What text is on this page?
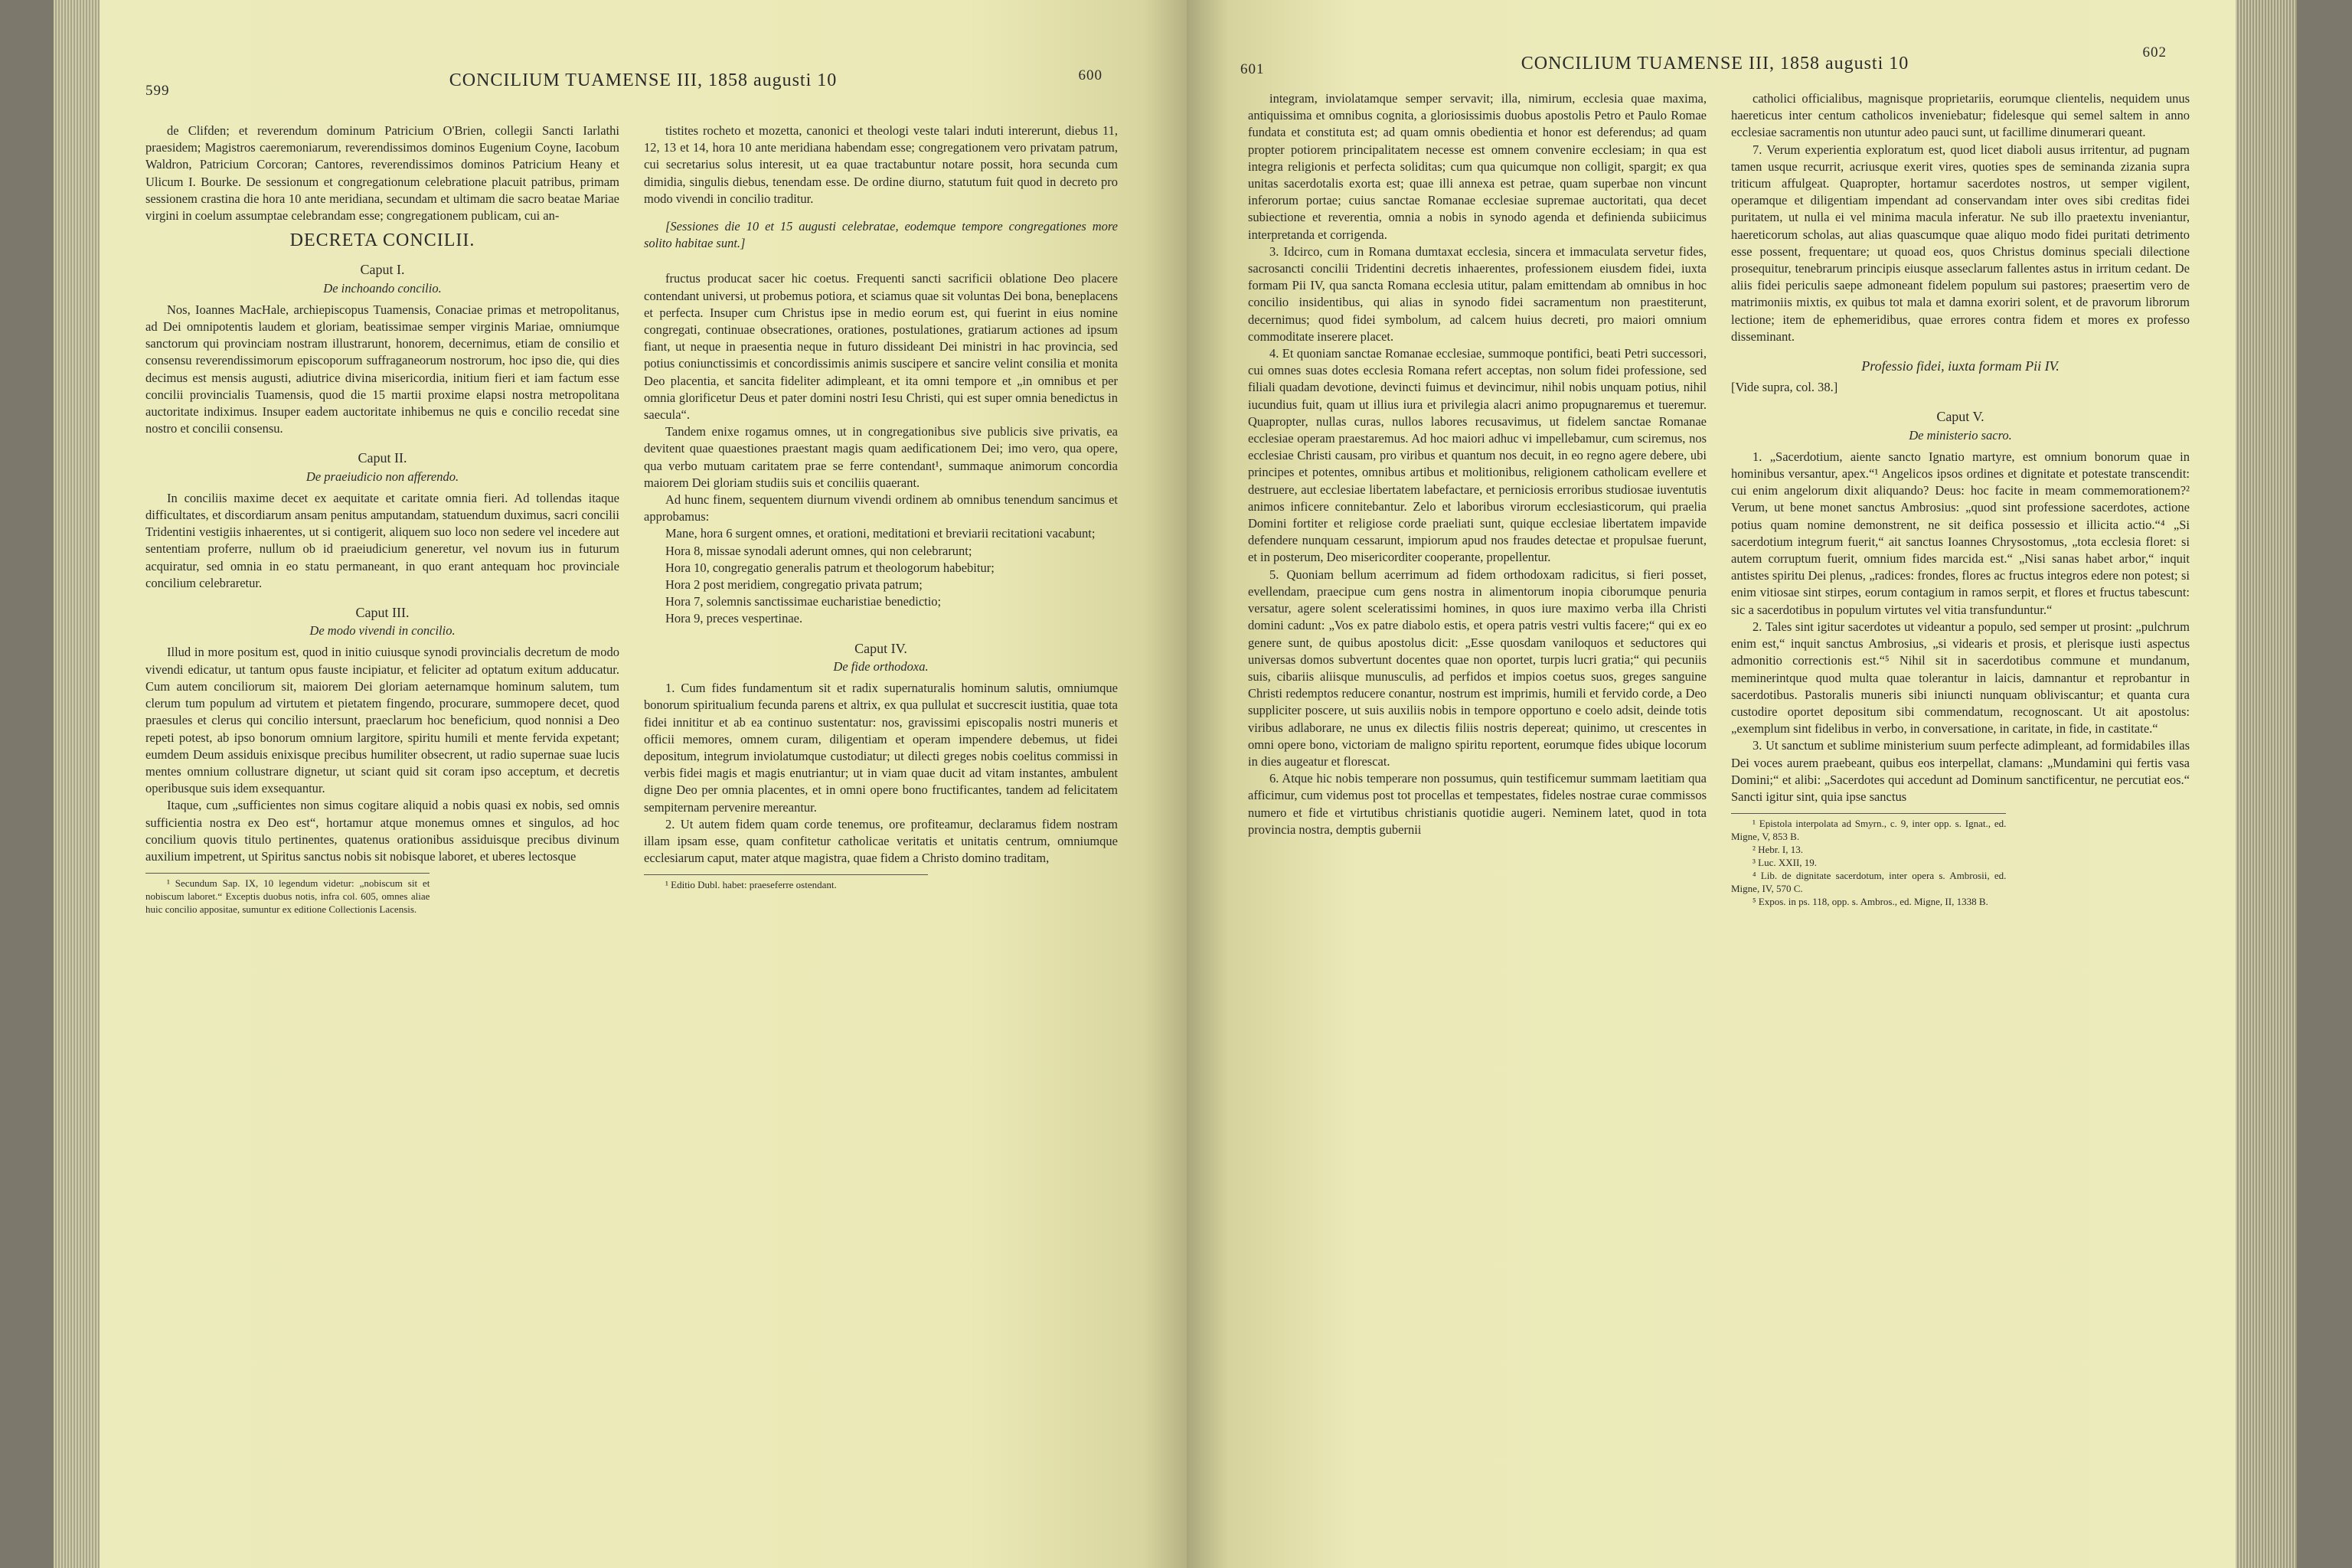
599
CONCILIUM TUAMENSE III, 1858 augusti 10	600

de Clifden; et reverendum dominum Patricium O'Brien, collegii Sancti Iarlathi praesidem; Magistros caeremoniarum, reverendissimos dominos Eugenium Coyne, Iacobum Waldron, Patricium Corcoran; Cantores, reverendissimos dominos Patricium Heany et Ulicum I. Bourke. De sessionum et congregationum celebratione placuit patribus, primam sessionem crastina die hora 10 ante meridiana, secundam et ultimam die sacro beatae Mariae virgini in coelum assumptae celebrandam esse; congregationem publicam, cui an-

DECRETA CONCILII.
Caput I.
De inchoando concilio.

Nos, Ioannes MacHale, archiepiscopus Tuamensis, Conaciae primas et metropolitanus, ad Dei omnipotentis laudem et gloriam, beatissimae semper virginis Mariae, omniumque sanctorum qui provinciam nostram illustrarunt, honorem, decernimus, etiam de consilio et consensu reverendissimorum episcoporum suffraganeorum nostrorum, hoc ipso die, qui dies decimus est mensis augusti, adiutrice divina misericordia, initium fieri et iam factum esse concilii provincialis Tuamensis, quod die 15 martii proxime elapsi nostra metropolitana auctoritate indiximus. Insuper eadem auctoritate inhibemus ne quis e concilio recedat sine nostro et concilii consensu.

Caput II.
De praeiudicio non afferendo.

In conciliis maxime decet ex aequitate et caritate omnia fieri. Ad tollendas itaque difficultates, et discordiarum ansam penitus amputandam, statuendum duximus, sacri concilii Tridentini vestigiis inhaerentes, ut si contigerit, aliquem suo loco non sedere vel incedere aut sententiam proferre, nullum ob id praeiudicium generetur, vel novum ius in futurum acquiratur, sed omnia in eo statu permaneant, in quo erant antequam hoc provinciale concilium celebraretur.

Caput III.
De modo vivendi in concilio.

Illud in more positum est, quod in initio cuiusque synodi provincialis decretum de modo vivendi edicatur, ut tantum opus fauste incipiatur, et feliciter ad optatum exitum adducatur. Cum autem conciliorum sit, maiorem Dei gloriam aeternamque hominum salutem, tum clerum tum populum ad virtutem et pietatem fingendo, procurare, summopere decet, quod praesules et clerus qui concilio intersunt, praeclarum hoc beneficium, quod nonnisi a Deo repeti potest, ab ipso bonorum omnium largitore, spiritu humili et mente fervida expetant; eumdem Deum assiduis enixisque precibus humiliter obsecrent, ut radio supernae suae lucis mentes omnium collustrare dignetur, ut sciant quid sit coram ipso acceptum, et decretis operibusque suis idem exsequantur.

Itaque, cum „sufficientes non simus cogitare aliquid a nobis quasi ex nobis, sed omnis sufficientia nostra ex Deo est“, hortamur atque monemus omnes et singulos, ad hoc concilium quovis titulo pertinentes, quatenus orationibus assiduisque precibus divinum auxilium impetrent, ut Spiritus sanctus nobis sit nobisque laboret, et uberes lectosque

¹ Secundum Sap. IX, 10 legendum videtur: „nobiscum sit et nobiscum laboret.“ Exceptis duobus notis, infra col. 605, omnes aliae huic concilio appositae, sumuntur ex editione Collectionis Lacensis.

tistites rocheto et mozetta, canonici et theologi veste talari induti intererunt, diebus 11, 12, 13 et 14, hora 10 ante meridiana habendam esse; congregationem vero privatam patrum, cui secretarius solus interesit, ut ea quae tractabuntur notare possit, hora secunda cum dimidia, singulis diebus, tenendam esse. De ordine diurno, statutum fuit quod in decreto pro modo vivendi in concilio traditur.

[Sessiones die 10 et 15 augusti celebratae, eodemque tempore congregationes more solito habitae sunt.]

fructus producat sacer hic coetus. Frequenti sancti sacrificii oblatione Deo placere contendant universi, ut probemus potiora, et sciamus quae sit voluntas Dei bona, beneplacens et perfecta. Insuper cum Christus ipse in medio eorum est, qui fuerint in eius nomine congregati, continuae obsecrationes, orationes, postulationes, gratiarum actiones ad ipsum fiant, ut neque in praesentia neque in futuro dissideant Dei ministri in hac provincia, sed potius coniunctissimis et concordissimis animis suscipere et sancire velint consilia et monita Deo placentia, et sancita fideliter adimpleant, et ita omni tempore et „in omnibus et per omnia glorificetur Deus et pater domini nostri Iesu Christi, qui est super omnia benedictus in saecula“.

Tandem enixe rogamus omnes, ut in congregationibus sive publicis sive privatis, ea devitent quae quaestiones praestant magis quam aedificationem Dei; imo vero, qua opere, qua verbo mutuam caritatem prae se ferre contendant¹, summaque animorum concordia maiorem Dei gloriam studiis suis et conciliis quaerant.

Ad hunc finem, sequentem diurnum vivendi ordinem ab omnibus tenendum sancimus et approbamus:

Mane, hora 6 surgent omnes, et orationi, meditationi et breviarii recitationi vacabunt;

Hora 8, missae synodali aderunt omnes, qui non celebrarunt;

Hora 10, congregatio generalis patrum et theologorum habebitur;

Hora 2 post meridiem, congregatio privata patrum;

Hora 7, solemnis sanctissimae eucharistiae benedictio;

Hora 9, preces vespertinae.

Caput IV.
De fide orthodoxa.

1. Cum fides fundamentum sit et radix supernaturalis hominum salutis, omniumque bonorum spiritualium fecunda parens et altrix, ex qua pullulat et succrescit iustitia, quae tota fidei innititur et ab ea continuo sustentatur: nos, gravissimi episcopalis nostri muneris et officii memores, omnem curam, diligentiam et operam impendere debemus, ut fidei depositum, integrum inviolatumque custodiatur; ut dilecti greges nobis coelitus commissi in verbis fidei magis et magis enutriantur; ut in viam quae ducit ad vitam instantes, ambulent digne Deo per omnia placentes, et in omni opere bono fructificantes, tandem ad felicitatem sempiternam pervenire mereantur.

2. Ut autem fidem quam corde tenemus, ore profiteamur, declaramus fidem nostram illam ipsam esse, quam confitetur catholicae veritatis et unitatis centrum, omniumque ecclesiarum caput, mater atque magistra, quae fidem a Christo domino traditam,

¹ Editio Dubl. habet: praeseferre ostendant.

601	CONCILIUM TUAMENSE III, 1858 augusti 10
602

integram, inviolatamque semper servavit; illa, nimirum, ecclesia quae maxima, antiquissima et omnibus cognita, a gloriosissimis duobus apostolis Petro et Paulo Romae fundata et constituta est; ad quam omnis obedientia et honor est deferendus; ad quam propter potiorem principalitatem necesse est omnem convenire ecclesiam; in qua est integra religionis et perfecta soliditas; cum qua quicumque non colligit, spargit; ex qua unitas sacerdotalis exorta est; quae illi annexa est petrae, quam superbae non vincunt inferorum portae; cuius sanctae Romanae ecclesiae supremae auctoritati, qua decet subiectione et reverentia, omnia a nobis in synodo agenda et definienda subiicimus interpretanda et corrigenda.

3. Idcirco, cum in Romana dumtaxat ecclesia, sincera et immaculata servetur fides, sacrosancti concilii Tridentini decretis inhaerentes, professionem eiusdem fidei, iuxta formam Pii IV, qua sancta Romana ecclesia utitur, palam emittendam ab omnibus in hoc concilio insidentibus, qui alias in synodo fidei sacramentum non praestiterunt, decernimus; quod fidei symbolum, ad calcem huius decreti, pro maiori omnium commoditate inserere placet.

4. Et quoniam sanctae Romanae ecclesiae, summoque pontifici, beati Petri successori, cui omnes suas dotes ecclesia Romana refert acceptas, non solum fidei professione, sed filiali quadam devotione, devincti fuimus et devincimur, nihil nobis unquam potius, nihil iucundius fuit, quam ut illius iura et privilegia alacri animo propugnaremus et tueremur. Quapropter, nullas curas, nullos labores recusavimus, ut fidelem sanctae Romanae ecclesiae operam praestaremus. Ad hoc maiori adhuc vi impellebamur, cum sciremus, nos ecclesiae Christi causam, pro viribus et quantum nos decuit, in eo regno agere debere, ubi principes et potentes, omnibus artibus et molitionibus, religionem catholicam evellere et destruere, aut ecclesiae libertatem labefactare, et perniciosis erroribus studiosae iuventutis animos inficere connitebantur. Zelo et laboribus virorum ecclesiasticorum, qui praelia Domini fortiter et religiose corde praeliati sunt, quique ecclesiae libertatem impavide defendere nunquam cessarunt, impiorum apud nos fraudes detectae et propulsae fuerunt, et in posterum, Deo misericorditer cooperante, propellentur.

5. Quoniam bellum acerrimum ad fidem orthodoxam radicitus, si fieri posset, evellendam, praecipue cum gens nostra in alimentorum inopia ciborumque penuria versatur, agere solent sceleratissimi homines, in quos iure maximo verba illa Christi domini cadunt: „Vos ex patre diabolo estis, et opera patris vestri vultis facere;“ qui ex eo genere sunt, de quibus apostolus dicit: „Esse quosdam vaniloquos et seductores qui universas domos subvertunt docentes quae non oportet, turpis lucri gratia;“ qui pecuniis suis, cibariis aliisque munusculis, ad perfidos et impios coetus suos, greges sanguine Christi redemptos reducere conantur, nostrum est imprimis, humili et fervido corde, a Deo suppliciter poscere, ut suis auxiliis nobis in tempore opportuno e coelo adsit, deinde totis viribus adlaborare, ne unus ex dilectis filiis nostris depereat; quinimo, ut crescentes in omni opere bono, victoriam de maligno spiritu reportent, eorumque fides ubique locorum in dies augeatur et florescat.

6. Atque hic nobis temperare non possumus, quin testificemur summam laetitiam qua afficimur, cum videmus post tot procellas et tempestates, fideles nostrae curae commissos numero et fide et virtutibus christianis quotidie augeri. Neminem latet, quod in tota provincia nostra, demptis gubernii

catholici officialibus, magnisque proprietariis, eorumque clientelis, nequidem unus haereticus inter centum catholicos inveniebatur; fidelesque qui semel saltem in anno ecclesiae sacramentis non utuntur adeo pauci sunt, ut facillime dinumerari queant.

7. Verum experientia exploratum est, quod licet diaboli ausus irritentur, ad pugnam tamen usque recurrit, acriusque exerit vires, quoties spes de seminanda zizania supra triticum affulgeat. Quapropter, hortamur sacerdotes nostros, ut semper vigilent, operamque et diligentiam impendant ad conservandam inter oves sibi creditas fidei puritatem, ut nulla ei vel minima macula inferatur. Ne sub illo praetextu inveniantur, haereticorum scholas, aut alias quascumque quae aliquo modo fidei puritati detrimento esse possent, frequentare; ut quoad eos, quos Christus dominus speciali dilectione prosequitur, tenebrarum principis eiusque asseclarum fallentes astus in irritum cedant. De aliis fidei periculis saepe admoneant fidelem populum sui pastores; praesertim vero de matrimoniis mixtis, ex quibus tot mala et damna exoriri solent, et de pravorum librorum lectione; item de ephemeridibus, quae errores contra fidem et mores ex professo disseminant.

Professio fidei, iuxta formam Pii IV.
[Vide supra, col. 38.]
Caput V.
De ministerio sacro.

1. „Sacerdotium, aiente sancto Ignatio martyre, est omnium bonorum quae in hominibus versantur, apex.“¹ Angelicos ipsos ordines et dignitate et potestate transcendit: cui enim angelorum dixit aliquando? Deus: hoc facite in meam commemorationem?² Verum, ut bene monet sanctus Ambrosius: „quod sint professione sacerdotes, actione potius quam nomine demonstrent, ne sit deifica possessio et illicita actio.“⁴ „Si sacerdotium integrum fuerit,“ ait sanctus Ioannes Chrysostomus, „tota ecclesia floret: si autem corruptum fuerit, omnium fides marcida est.“ „Nisi sanas habet arbor,“ inquit antistes spiritu Dei plenus, „radices: frondes, flores ac fructus integros edere non potest; si enim vitiosae sint stirpes, eorum contagium in ramos serpit, et flores et fructus tabescunt: sic a sacerdotibus in populum virtutes vel vitia transfunduntur.“

2. Tales sint igitur sacerdotes ut videantur a populo, sed semper ut prosint: „pulchrum enim est,“ inquit sanctus Ambrosius, „si videaris et prosis, et plerisque iusti aspectus admonitio correctionis est.“⁵ Nihil sit in sacerdotibus commune et mundanum, meminerintque quod multa quae tolerantur in laicis, damnantur et reprobantur in sacerdotibus. Pastoralis muneris sibi iniuncti nunquam obliviscantur; et quanta cura custodire oportet depositum sibi commendatum, recognoscant. Ut ait apostolus: „exemplum sint fidelibus in verbo, in conversatione, in caritate, in fide, in castitate.“

3. Ut sanctum et sublime ministerium suum perfecte adimpleant, ad formidabiles illas Dei voces aurem praebeant, quibus eos interpellat, clamans: „Mundamini qui fertis vasa Domini;“ et alibi: „Sacerdotes qui accedunt ad Dominum sanctificentur, ne percutiat eos.“ Sancti igitur sint, quia ipse sanctus

¹ Epistola interpolata ad Smyrn., c. 9, inter opp. s. Ignat., ed. Migne, V, 853 B.

² Hebr. I, 13.

³ Luc. XXII, 19.

⁴ Lib. de dignitate sacerdotum, inter opera s. Ambrosii, ed. Migne, IV, 570 C.

⁵ Expos. in ps. 118, opp. s. Ambros., ed. Migne, II, 1338 B.
